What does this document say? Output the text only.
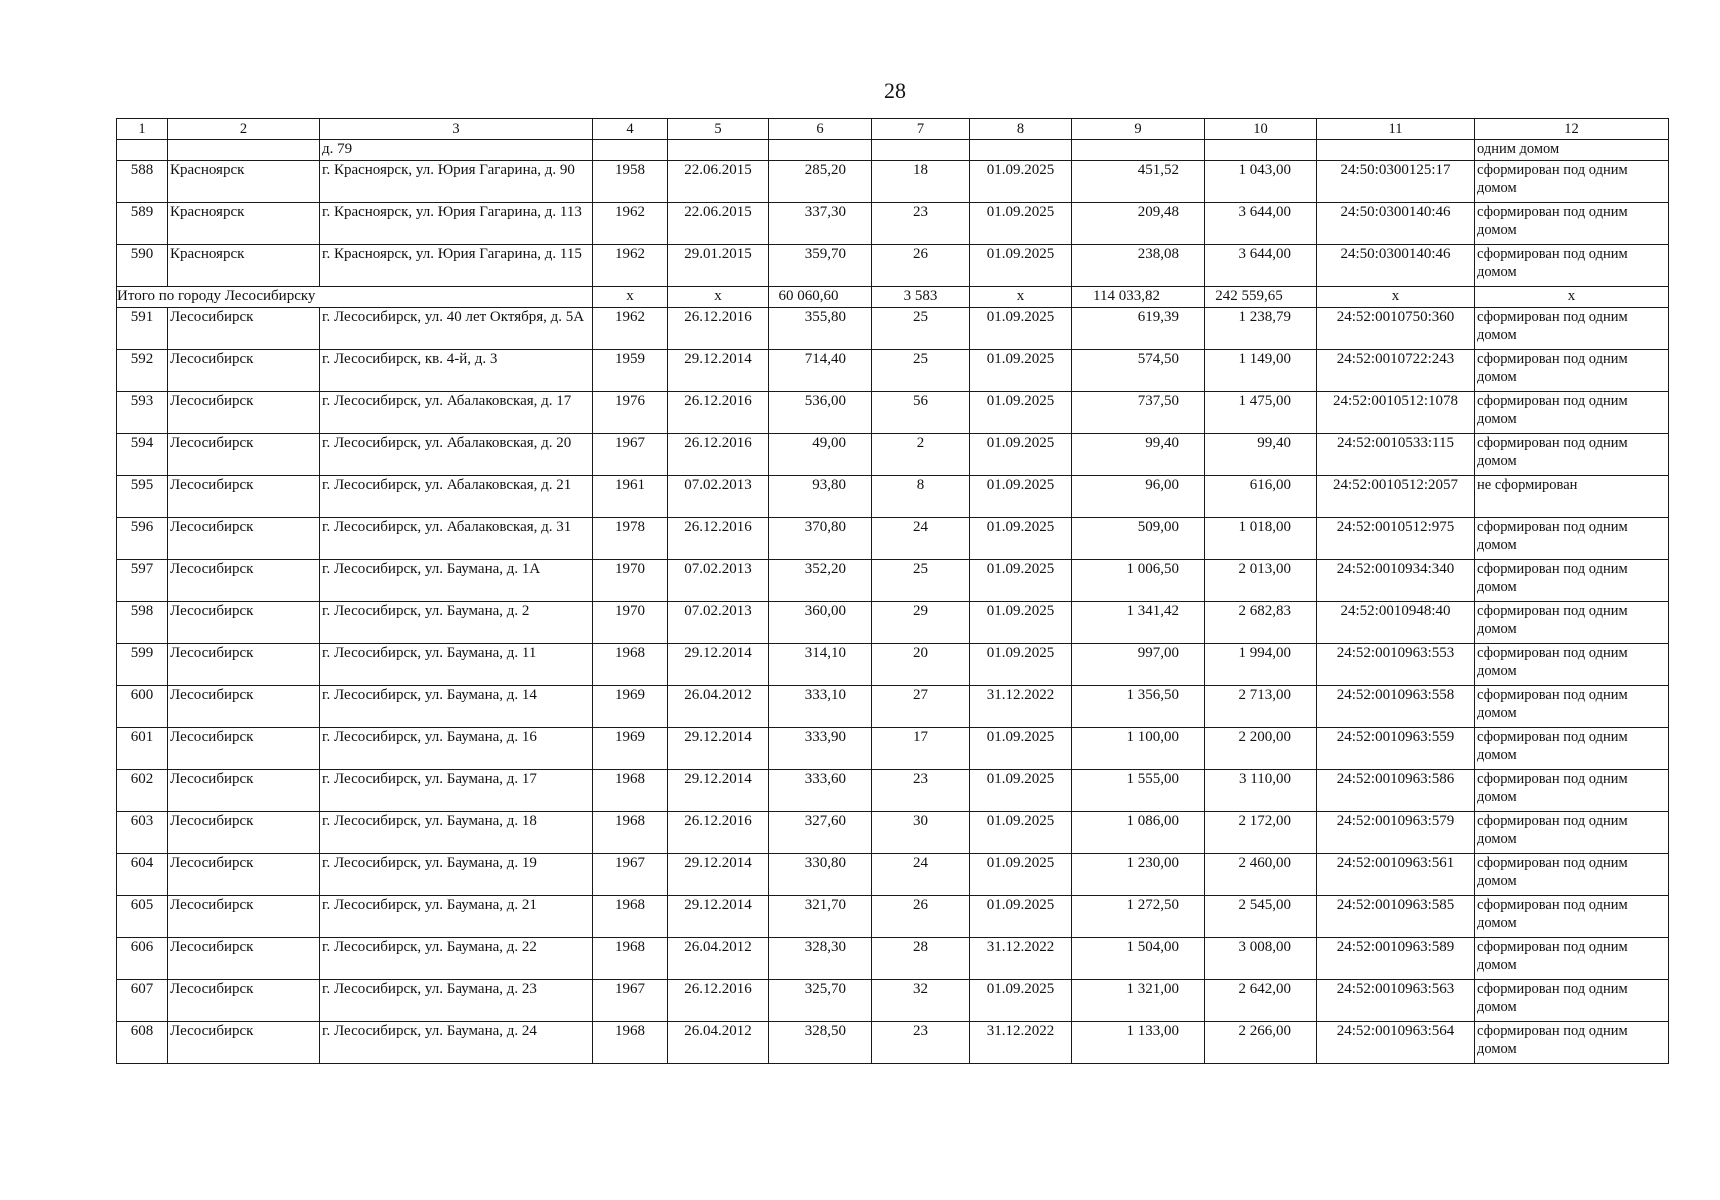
28
1	2	3	4	5	6	7	8	9	10	11	12
		д. 79									одним домом
588	Красноярск	г. Красноярск, ул. Юрия Гагарина, д. 90	1958	22.06.2015	285,20	18	01.09.2025	451,52	1 043,00	24:50:0300125:17	сформирован под одним домом
589	Красноярск	г. Красноярск, ул. Юрия Гагарина, д. 113	1962	22.06.2015	337,30	23	01.09.2025	209,48	3 644,00	24:50:0300140:46	сформирован под одним домом
590	Красноярск	г. Красноярск, ул. Юрия Гагарина, д. 115	1962	29.01.2015	359,70	26	01.09.2025	238,08	3 644,00	24:50:0300140:46	сформирован под одним домом
Итого по городу Лесосибирску			х	х	60 060,60	3 583	х	114 033,82	242 559,65	х	х
591	Лесосибирск	г. Лесосибирск, ул. 40 лет Октября, д. 5А	1962	26.12.2016	355,80	25	01.09.2025	619,39	1 238,79	24:52:0010750:360	сформирован под одним домом
592	Лесосибирск	г. Лесосибирск, кв. 4-й, д. 3	1959	29.12.2014	714,40	25	01.09.2025	574,50	1 149,00	24:52:0010722:243	сформирован под одним домом
593	Лесосибирск	г. Лесосибирск, ул. Абалаковская, д. 17	1976	26.12.2016	536,00	56	01.09.2025	737,50	1 475,00	24:52:0010512:1078	сформирован под одним домом
594	Лесосибирск	г. Лесосибирск, ул. Абалаковская, д. 20	1967	26.12.2016	49,00	2	01.09.2025	99,40	99,40	24:52:0010533:115	сформирован под одним домом
595	Лесосибирск	г. Лесосибирск, ул. Абалаковская, д. 21	1961	07.02.2013	93,80	8	01.09.2025	96,00	616,00	24:52:0010512:2057	не сформирован
596	Лесосибирск	г. Лесосибирск, ул. Абалаковская, д. 31	1978	26.12.2016	370,80	24	01.09.2025	509,00	1 018,00	24:52:0010512:975	сформирован под одним домом
597	Лесосибирск	г. Лесосибирск, ул. Баумана, д. 1А	1970	07.02.2013	352,20	25	01.09.2025	1 006,50	2 013,00	24:52:0010934:340	сформирован под одним домом
598	Лесосибирск	г. Лесосибирск, ул. Баумана, д. 2	1970	07.02.2013	360,00	29	01.09.2025	1 341,42	2 682,83	24:52:0010948:40	сформирован под одним домом
599	Лесосибирск	г. Лесосибирск, ул. Баумана, д. 11	1968	29.12.2014	314,10	20	01.09.2025	997,00	1 994,00	24:52:0010963:553	сформирован под одним домом
600	Лесосибирск	г. Лесосибирск, ул. Баумана, д. 14	1969	26.04.2012	333,10	27	31.12.2022	1 356,50	2 713,00	24:52:0010963:558	сформирован под одним домом
601	Лесосибирск	г. Лесосибирск, ул. Баумана, д. 16	1969	29.12.2014	333,90	17	01.09.2025	1 100,00	2 200,00	24:52:0010963:559	сформирован под одним домом
602	Лесосибирск	г. Лесосибирск, ул. Баумана, д. 17	1968	29.12.2014	333,60	23	01.09.2025	1 555,00	3 110,00	24:52:0010963:586	сформирован под одним домом
603	Лесосибирск	г. Лесосибирск, ул. Баумана, д. 18	1968	26.12.2016	327,60	30	01.09.2025	1 086,00	2 172,00	24:52:0010963:579	сформирован под одним домом
604	Лесосибирск	г. Лесосибирск, ул. Баумана, д. 19	1967	29.12.2014	330,80	24	01.09.2025	1 230,00	2 460,00	24:52:0010963:561	сформирован под одним домом
605	Лесосибирск	г. Лесосибирск, ул. Баумана, д. 21	1968	29.12.2014	321,70	26	01.09.2025	1 272,50	2 545,00	24:52:0010963:585	сформирован под одним домом
606	Лесосибирск	г. Лесосибирск, ул. Баумана, д. 22	1968	26.04.2012	328,30	28	31.12.2022	1 504,00	3 008,00	24:52:0010963:589	сформирован под одним домом
607	Лесосибирск	г. Лесосибирск, ул. Баумана, д. 23	1967	26.12.2016	325,70	32	01.09.2025	1 321,00	2 642,00	24:52:0010963:563	сформирован под одним домом
608	Лесосибирск	г. Лесосибирск, ул. Баумана, д. 24	1968	26.04.2012	328,50	23	31.12.2022	1 133,00	2 266,00	24:52:0010963:564	сформирован под одним домом
